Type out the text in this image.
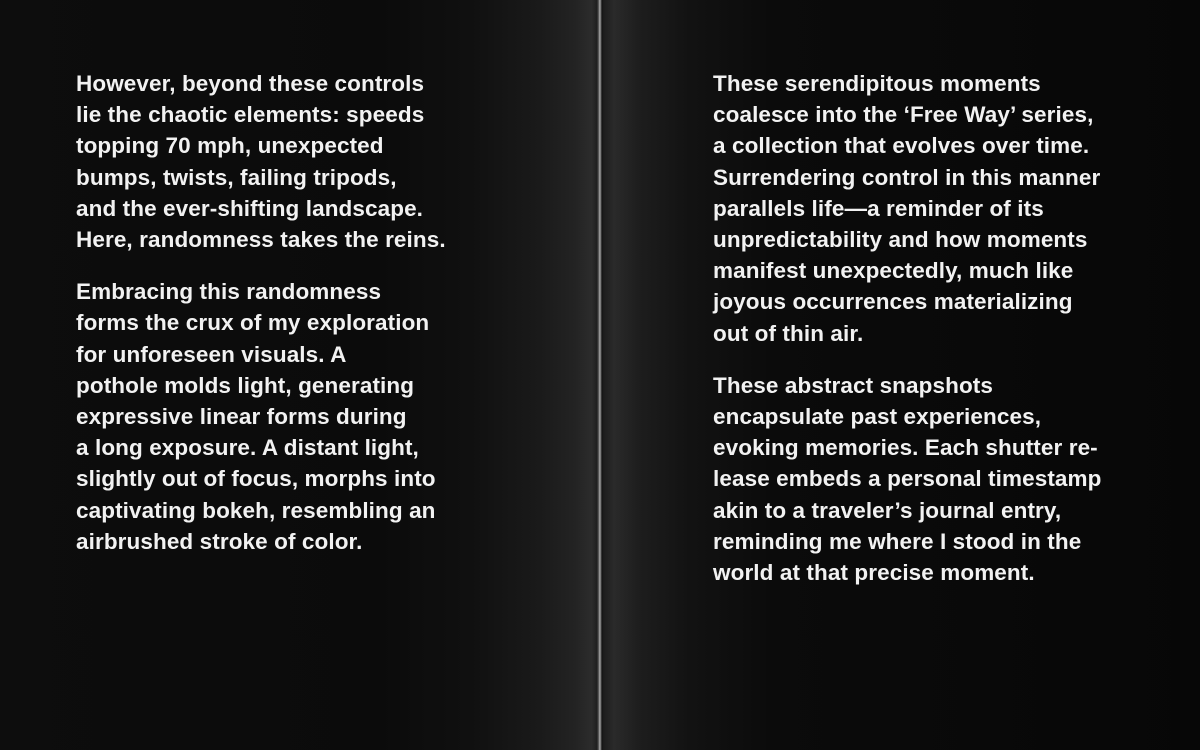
However, beyond these controls
lie the chaotic elements: speeds
topping 70 mph, unexpected
bumps, twists, failing tripods,
and the ever-shifting landscape.
Here, randomness takes the reins.

Embracing this randomness
forms the crux of my exploration
for unforeseen visuals. A
pothole molds light, generating
expressive linear forms during
a long exposure. A distant light,
slightly out of focus, morphs into
captivating bokeh, resembling an
airbrushed stroke of color.

These serendipitous moments
coalesce into the ‘Free Way’ series,
a collection that evolves over time.
Surrendering control in this manner
parallels life—a reminder of its
unpredictability and how moments
manifest unexpectedly, much like
joyous occurrences materializing
out of thin air.

These abstract snapshots
encapsulate past experiences,
evoking memories. Each shutter re-
lease embeds a personal timestamp
akin to a traveler’s journal entry,
reminding me where I stood in the
world at that precise moment.
